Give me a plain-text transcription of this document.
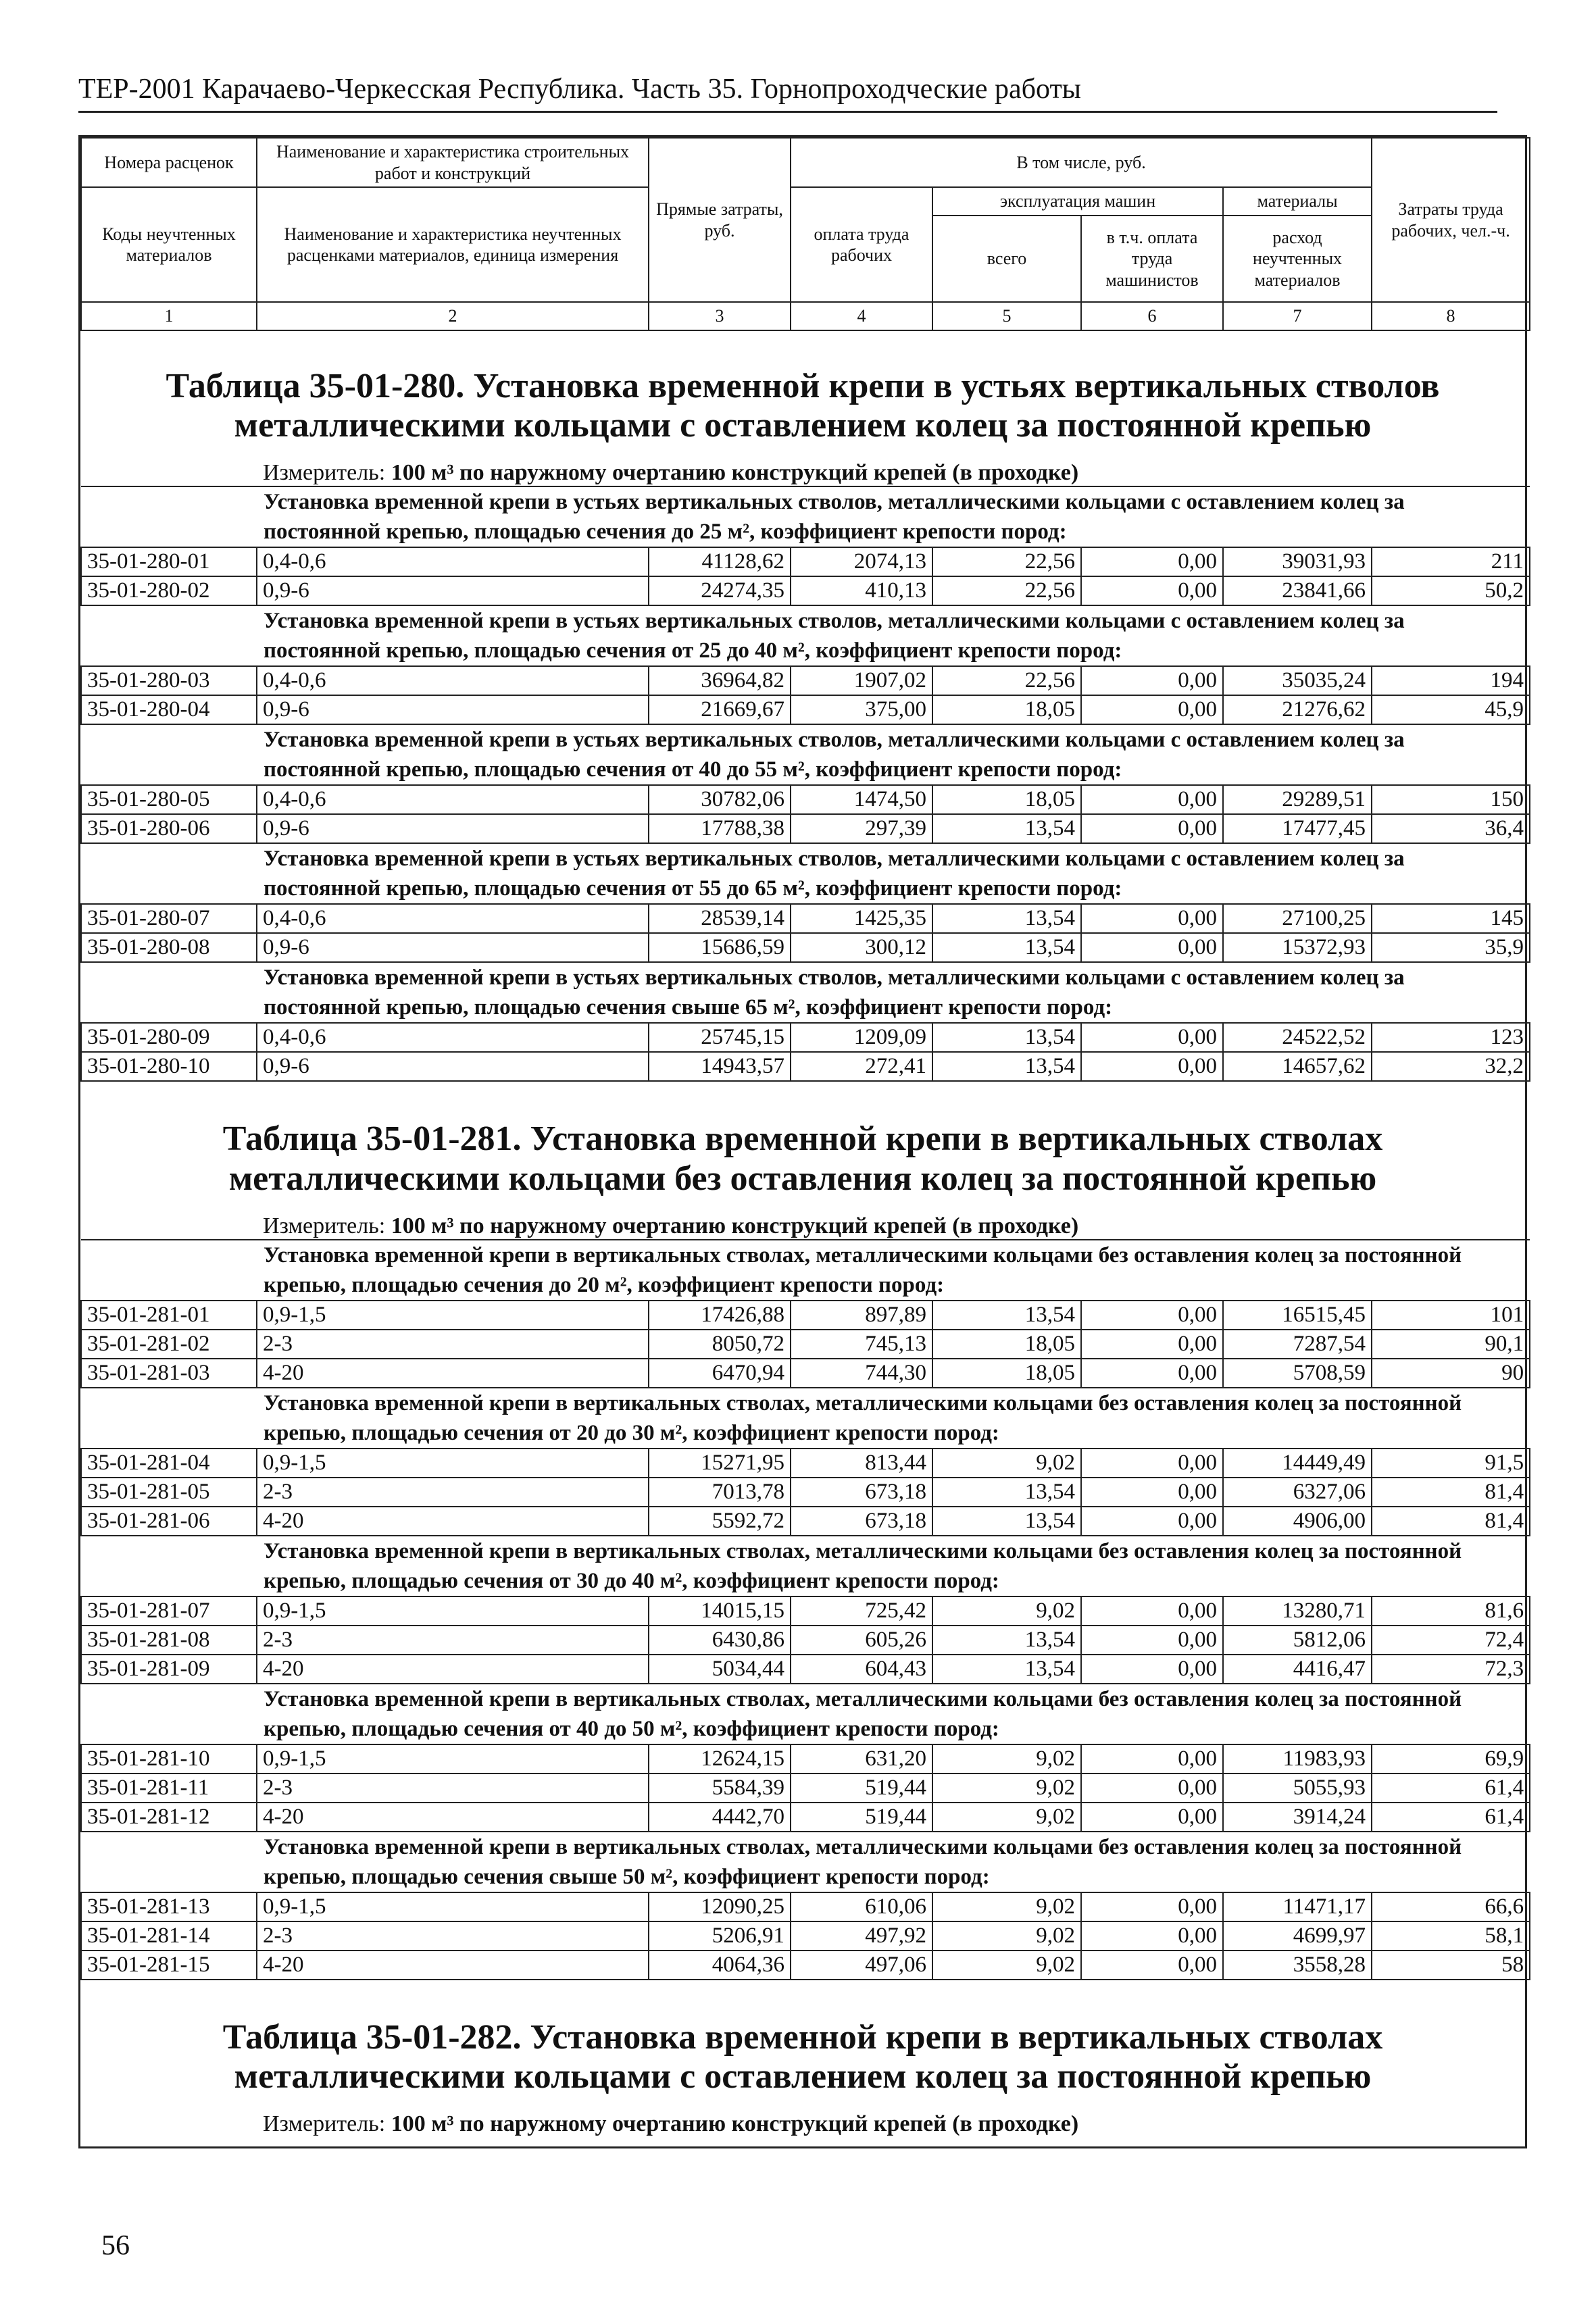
ТЕР-2001 Карачаево-Черкесская Республика. Часть 35. Горнопроходческие работы
Номера расценок	Наименование и характеристика строительных работ и конструкций	Прямые затраты, руб.	В том числе, руб.				Затраты труда рабочих, чел.-ч.
Коды неучтенных материалов	Наименование и характеристика неучтенных расценками материалов, единица измерения		оплата труда рабочих	эксплуатация машин		материалы	
				всего	в т.ч. оплата труда машинистов	расход неучтенных материалов	
1	2	3	4	5	6	7	8
Таблица 35-01-280. Установка временной крепи в устьях вертикальных стволов металлическими кольцами с оставлением колец за постоянной крепью
Измеритель: 100 м³ по наружному очертанию конструкций крепей (в проходке)
Установка временной крепи в устьях вертикальных стволов, металлическими кольцами с оставлением колец за постоянной крепью, площадью сечения до 25 м², коэффициент крепости пород:							
35-01-280-01	0,4-0,6	41128,62	2074,13	22,56	0,00	39031,93	211
35-01-280-02	0,9-6	24274,35	410,13	22,56	0,00	23841,66	50,2
Установка временной крепи в устьях вертикальных стволов, металлическими кольцами с оставлением колец за постоянной крепью, площадью сечения от 25 до 40 м², коэффициент крепости пород:							
35-01-280-03	0,4-0,6	36964,82	1907,02	22,56	0,00	35035,24	194
35-01-280-04	0,9-6	21669,67	375,00	18,05	0,00	21276,62	45,9
Установка временной крепи в устьях вертикальных стволов, металлическими кольцами с оставлением колец за постоянной крепью, площадью сечения от 40 до 55 м², коэффициент крепости пород:							
35-01-280-05	0,4-0,6	30782,06	1474,50	18,05	0,00	29289,51	150
35-01-280-06	0,9-6	17788,38	297,39	13,54	0,00	17477,45	36,4
Установка временной крепи в устьях вертикальных стволов, металлическими кольцами с оставлением колец за постоянной крепью, площадью сечения от 55 до 65 м², коэффициент крепости пород:							
35-01-280-07	0,4-0,6	28539,14	1425,35	13,54	0,00	27100,25	145
35-01-280-08	0,9-6	15686,59	300,12	13,54	0,00	15372,93	35,9
Установка временной крепи в устьях вертикальных стволов, металлическими кольцами с оставлением колец за постоянной крепью, площадью сечения свыше 65 м², коэффициент крепости пород:							
35-01-280-09	0,4-0,6	25745,15	1209,09	13,54	0,00	24522,52	123
35-01-280-10	0,9-6	14943,57	272,41	13,54	0,00	14657,62	32,2
Таблица 35-01-281. Установка временной крепи в вертикальных стволах металлическими кольцами без оставления колец за постоянной крепью
Измеритель: 100 м³ по наружному очертанию конструкций крепей (в проходке)
Установка временной крепи в вертикальных стволах, металлическими кольцами без оставления колец за постоянной крепью, площадью сечения до 20 м², коэффициент крепости пород:							
35-01-281-01	0,9-1,5	17426,88	897,89	13,54	0,00	16515,45	101
35-01-281-02	2-3	8050,72	745,13	18,05	0,00	7287,54	90,1
35-01-281-03	4-20	6470,94	744,30	18,05	0,00	5708,59	90
Установка временной крепи в вертикальных стволах, металлическими кольцами без оставления колец за постоянной крепью, площадью сечения от 20 до 30 м², коэффициент крепости пород:							
35-01-281-04	0,9-1,5	15271,95	813,44	9,02	0,00	14449,49	91,5
35-01-281-05	2-3	7013,78	673,18	13,54	0,00	6327,06	81,4
35-01-281-06	4-20	5592,72	673,18	13,54	0,00	4906,00	81,4
Установка временной крепи в вертикальных стволах, металлическими кольцами без оставления колец за постоянной крепью, площадью сечения от 30 до 40 м², коэффициент крепости пород:							
35-01-281-07	0,9-1,5	14015,15	725,42	9,02	0,00	13280,71	81,6
35-01-281-08	2-3	6430,86	605,26	13,54	0,00	5812,06	72,4
35-01-281-09	4-20	5034,44	604,43	13,54	0,00	4416,47	72,3
Установка временной крепи в вертикальных стволах, металлическими кольцами без оставления колец за постоянной крепью, площадью сечения от 40 до 50 м², коэффициент крепости пород:							
35-01-281-10	0,9-1,5	12624,15	631,20	9,02	0,00	11983,93	69,9
35-01-281-11	2-3	5584,39	519,44	9,02	0,00	5055,93	61,4
35-01-281-12	4-20	4442,70	519,44	9,02	0,00	3914,24	61,4
Установка временной крепи в вертикальных стволах, металлическими кольцами без оставления колец за постоянной крепью, площадью сечения свыше 50 м², коэффициент крепости пород:							
35-01-281-13	0,9-1,5	12090,25	610,06	9,02	0,00	11471,17	66,6
35-01-281-14	2-3	5206,91	497,92	9,02	0,00	4699,97	58,1
35-01-281-15	4-20	4064,36	497,06	9,02	0,00	3558,28	58
Таблица 35-01-282. Установка временной крепи в вертикальных стволах металлическими кольцами с оставлением колец за постоянной крепью
Измеритель: 100 м³ по наружному очертанию конструкций крепей (в проходке)
56
